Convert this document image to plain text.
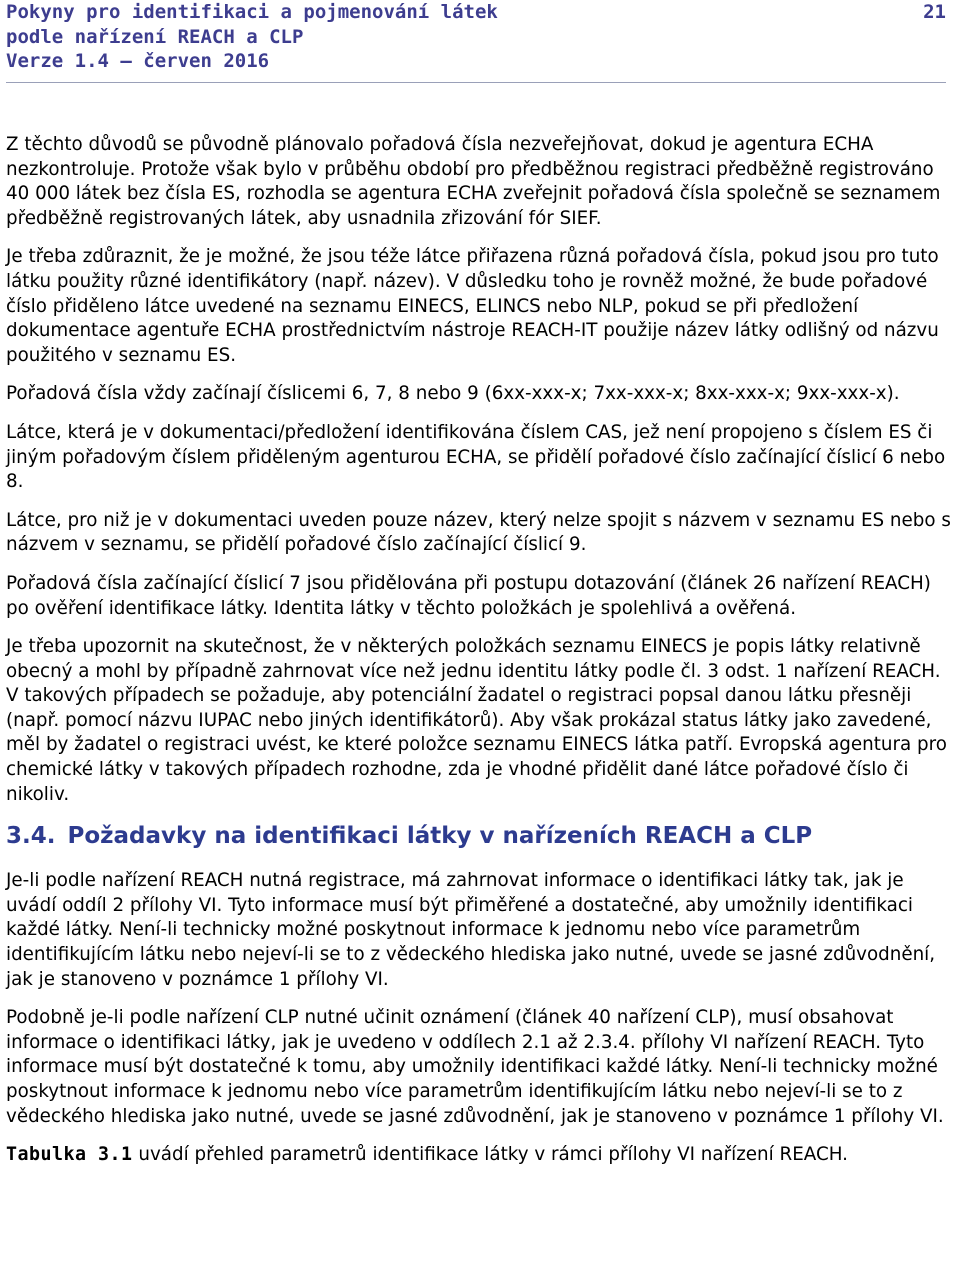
Pokyny pro identifikaci a pojmenování látek
podle nařízení REACH a CLP
Verze 1.4 – červen 2016
21

Z těchto důvodů se původně plánovalo pořadová čísla nezveřejňovat, dokud je agentura ECHA nezkontroluje. Protože však bylo v průběhu období pro předběžnou registraci předběžně registrováno 40 000 látek bez čísla ES, rozhodla se agentura ECHA zveřejnit pořadová čísla společně se seznamem předběžně registrovaných látek, aby usnadnila zřizování fór SIEF.

Je třeba zdůraznit, že je možné, že jsou téže látce přiřazena různá pořadová čísla, pokud jsou pro tuto látku použity různé identifikátory (např. název). V důsledku toho je rovněž možné, že bude pořadové číslo přiděleno látce uvedené na seznamu EINECS, ELINCS nebo NLP, pokud se při předložení dokumentace agentuře ECHA prostřednictvím nástroje REACH-IT použije název látky odlišný od názvu použitého v seznamu ES.

Pořadová čísla vždy začínají číslicemi 6, 7, 8 nebo 9 (6xx-xxx-x; 7xx-xxx-x; 8xx-xxx-x; 9xx-xxx-x).

Látce, která je v dokumentaci/předložení identifikována číslem CAS, jež není propojeno s číslem ES či jiným pořadovým číslem přiděleným agenturou ECHA, se přidělí pořadové číslo začínající číslicí 6 nebo 8.

Látce, pro niž je v dokumentaci uveden pouze název, který nelze spojit s názvem v seznamu ES nebo s názvem v seznamu, se přidělí pořadové číslo začínající číslicí 9.

Pořadová čísla začínající číslicí 7 jsou přidělována při postupu dotazování (článek 26 nařízení REACH) po ověření identifikace látky. Identita látky v těchto položkách je spolehlivá a ověřená.

Je třeba upozornit na skutečnost, že v některých položkách seznamu EINECS je popis látky relativně obecný a mohl by případně zahrnovat více než jednu identitu látky podle čl. 3 odst. 1 nařízení REACH. V takových případech se požaduje, aby potenciální žadatel o registraci popsal danou látku přesněji (např. pomocí názvu IUPAC nebo jiných identifikátorů). Aby však prokázal status látky jako zavedené, měl by žadatel o registraci uvést, ke které položce seznamu EINECS látka patří. Evropská agentura pro chemické látky v takových případech rozhodne, zda je vhodné přidělit dané látce pořadové číslo či nikoliv.

3.4. Požadavky na identifikaci látky v nařízeních REACH a CLP

Je-li podle nařízení REACH nutná registrace, má zahrnovat informace o identifikaci látky tak, jak je uvádí oddíl 2 přílohy VI. Tyto informace musí být přiměřené a dostatečné, aby umožnily identifikaci každé látky. Není-li technicky možné poskytnout informace k jednomu nebo více parametrům identifikujícím látku nebo nejeví-li se to z vědeckého hlediska jako nutné, uvede se jasné zdůvodnění, jak je stanoveno v poznámce 1 přílohy VI.

Podobně je-li podle nařízení CLP nutné učinit oznámení (článek 40 nařízení CLP), musí obsahovat informace o identifikaci látky, jak je uvedeno v oddílech 2.1 až 2.3.4. přílohy VI nařízení REACH. Tyto informace musí být dostatečné k tomu, aby umožnily identifikaci každé látky. Není-li technicky možné poskytnout informace k jednomu nebo více parametrům identifikujícím látku nebo nejeví-li se to z vědeckého hlediska jako nutné, uvede se jasné zdůvodnění, jak je stanoveno v poznámce 1 přílohy VI.

Tabulka 3.1 uvádí přehled parametrů identifikace látky v rámci přílohy VI nařízení REACH.
